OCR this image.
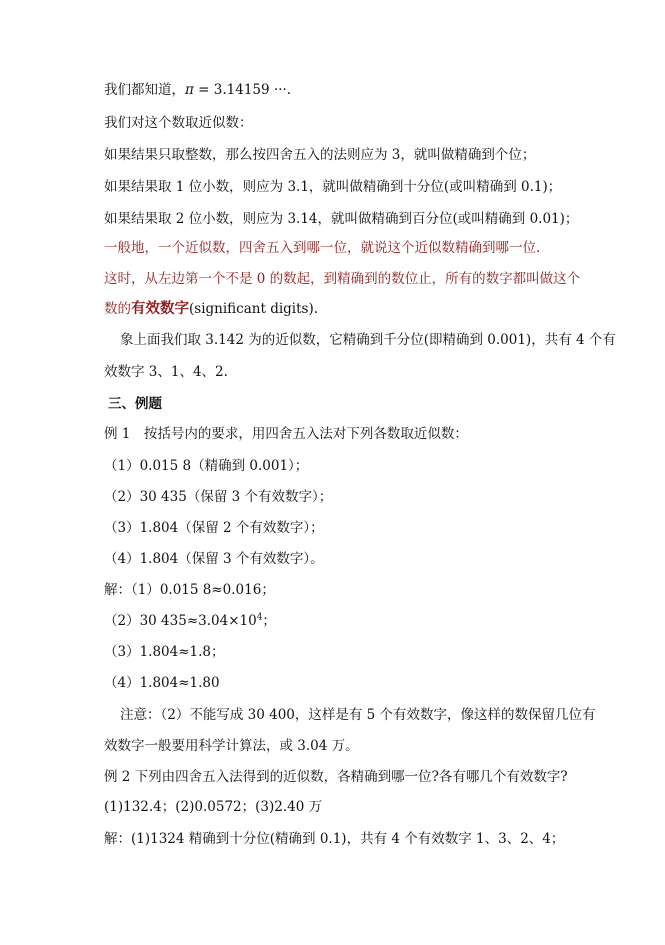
我们都知道，π = 3.14159 ···.
我们对这个数取近似数：
如果结果只取整数，那么按四舍五入的法则应为 3，就叫做精确到个位；
如果结果取 1 位小数，则应为 3.1，就叫做精确到十分位(或叫精确到 0.1)；
如果结果取 2 位小数，则应为 3.14，就叫做精确到百分位(或叫精确到 0.01)；
一般地，一个近似数，四舍五入到哪一位，就说这个近似数精确到哪一位.
这时，从左边第一个不是 0 的数起，到精确到的数位止，所有的数字都叫做这个
数的有效数字(significant digits).
象上面我们取 3.142 为的近似数，它精确到千分位(即精确到 0.001)，共有 4 个有
效数字 3、1、4、2.
三、例题
例 1　按括号内的要求，用四舍五入法对下列各数取近似数：
（1）0.015 8（精确到 0.001）；
（2）30 435（保留 3 个有效数字）；
（3）1.804（保留 2 个有效数字）；
（4）1.804（保留 3 个有效数字）。
解：（1）0.015 8≈0.016；
（2）30 $435\approx 3.04\times 10^4$；
（3）1.804≈1.8；
（4）1.804≈1.80
注意：（2）不能写成 30 400，这样是有 5 个有效数字，像这样的数保留几位有
效数字一般要用科学计算法，或 3.04 万。
例 2 下列由四舍五入法得到的近似数，各精确到哪一位?各有哪几个有效数字?
(1)132.4；(2)0.0572；(3)2.40 万
解：(1)1324 精确到十分位(精确到 0.1)，共有 4 个有效数字 1、3、2、4；
